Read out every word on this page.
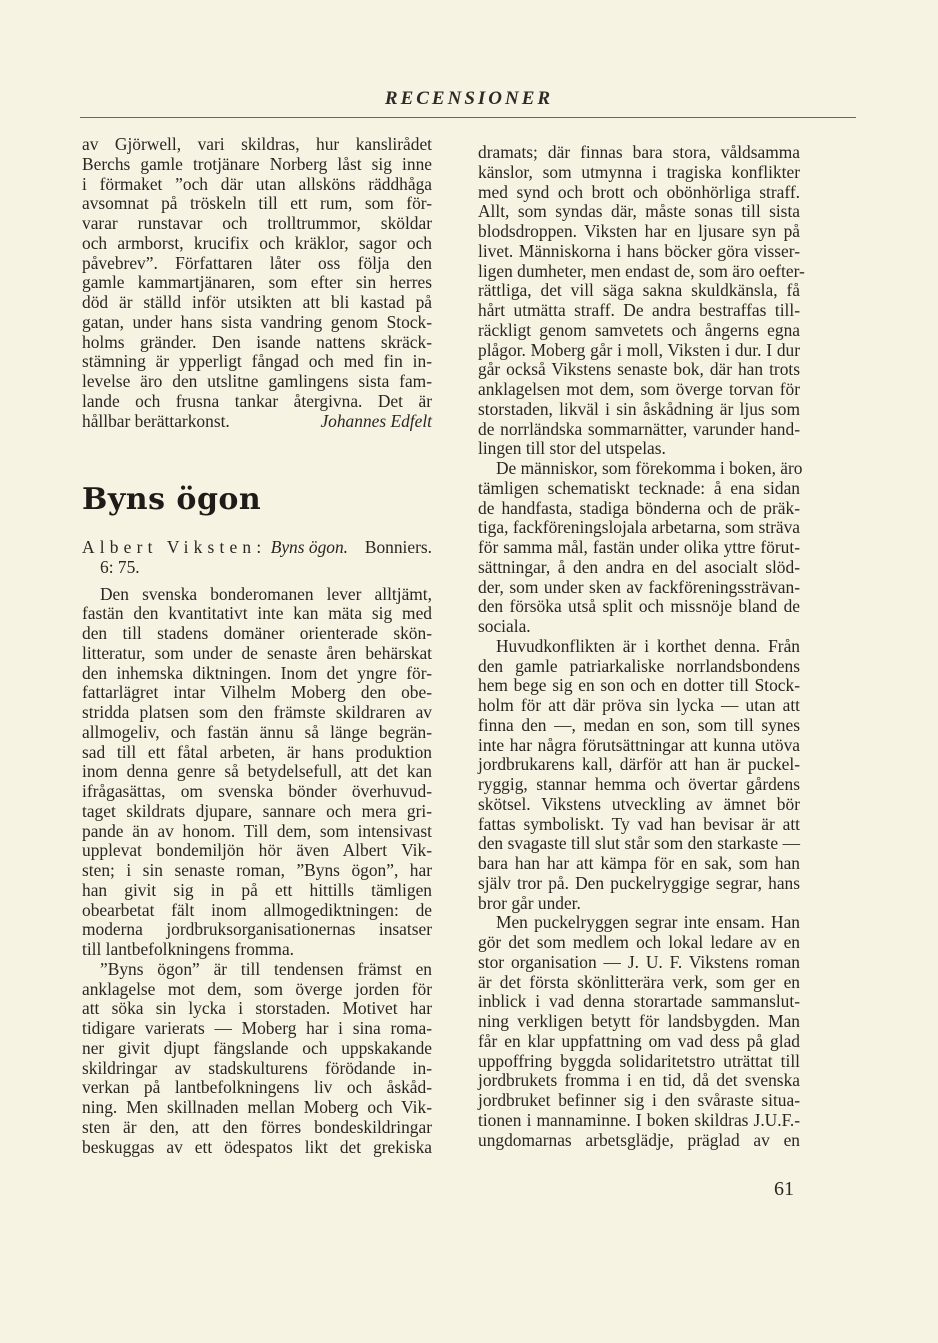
RECENSIONER
av Gjörwell, vari skildras, hur kanslirådet
Berchs gamle trotjänare Norberg låst sig inne
i förmaket ”och där utan allsköns räddhåga
avsomnat på tröskeln till ett rum, som för-
varar runstavar och trolltrummor, sköldar
och armborst, krucifix och kräklor, sagor och
påvebrev”. Författaren låter oss följa den
gamle kammartjänaren, som efter sin herres
död är ställd inför utsikten att bli kastad på
gatan, under hans sista vandring genom Stock-
holms gränder. Den isande nattens skräck-
stämning är ypperligt fångad och med fin in-
levelse äro den utslitne gamlingens sista fam-
lande och frusna tankar återgivna. Det är
hållbar berättarkonst.	Johannes Edfelt
Byns ögon
Albert Viksten: Byns ögon. Bonniers.
6: 75.
Den svenska bonderomanen lever alltjämt,
fastän den kvantitativt inte kan mäta sig med
den till stadens domäner orienterade skön-
litteratur, som under de senaste åren behärskat
den inhemska diktningen. Inom det yngre för-
fattarlägret intar Vilhelm Moberg den obe-
stridda platsen som den främste skildraren av
allmogeliv, och fastän ännu så länge begrän-
sad till ett fåtal arbeten, är hans produktion
inom denna genre så betydelsefull, att det kan
ifrågasättas, om svenska bönder överhuvud-
taget skildrats djupare, sannare och mera gri-
pande än av honom. Till dem, som intensivast
upplevat bondemiljön hör även Albert Vik-
sten; i sin senaste roman, ”Byns ögon”, har
han givit sig in på ett hittills tämligen
obearbetat fält inom allmogediktningen: de
moderna jordbruksorganisationernas insatser
till lantbefolkningens fromma.
”Byns ögon” är till tendensen främst en
anklagelse mot dem, som överge jorden för
att söka sin lycka i storstaden. Motivet har
tidigare varierats — Moberg har i sina roma-
ner givit djupt fängslande och uppskakande
skildringar av stadskulturens förödande in-
verkan på lantbefolkningens liv och åskåd-
ning. Men skillnaden mellan Moberg och Vik-
sten är den, att den förres bondeskildringar
beskuggas av ett ödespatos likt det grekiska
dramats; där finnas bara stora, våldsamma
känslor, som utmynna i tragiska konflikter
med synd och brott och obönhörliga straff.
Allt, som syndas där, måste sonas till sista
blodsdroppen. Viksten har en ljusare syn på
livet. Människorna i hans böcker göra visser-
ligen dumheter, men endast de, som äro oefter-
rättliga, det vill säga sakna skuldkänsla, få
hårt utmätta straff. De andra bestraffas till-
räckligt genom samvetets och ångerns egna
plågor. Moberg går i moll, Viksten i dur. I dur
går också Vikstens senaste bok, där han trots
anklagelsen mot dem, som överge torvan för
storstaden, likväl i sin åskådning är ljus som
de norrländska sommarnätter, varunder hand-
lingen till stor del utspelas.
De människor, som förekomma i boken, äro
tämligen schematiskt tecknade: å ena sidan
de handfasta, stadiga bönderna och de präk-
tiga, fackföreningslojala arbetarna, som sträva
för samma mål, fastän under olika yttre förut-
sättningar, å den andra en del asocialt slöd-
der, som under sken av fackföreningssträvan-
den försöka utså split och missnöje bland de
sociala.
Huvudkonflikten är i korthet denna. Från
den gamle patriarkaliske norrlandsbondens
hem bege sig en son och en dotter till Stock-
holm för att där pröva sin lycka — utan att
finna den —, medan en son, som till synes
inte har några förutsättningar att kunna utöva
jordbrukarens kall, därför att han är puckel-
ryggig, stannar hemma och övertar gårdens
skötsel. Vikstens utveckling av ämnet bör
fattas symboliskt. Ty vad han bevisar är att
den svagaste till slut står som den starkaste —
bara han har att kämpa för en sak, som han
själv tror på. Den puckelryggige segrar, hans
bror går under.
Men puckelryggen segrar inte ensam. Han
gör det som medlem och lokal ledare av en
stor organisation — J. U. F. Vikstens roman
är det första skönlitterära verk, som ger en
inblick i vad denna storartade sammanslut-
ning verkligen betytt för landsbygden. Man
får en klar uppfattning om vad dess på glad
uppoffring byggda solidaritetstro uträttat till
jordbrukets fromma i en tid, då det svenska
jordbruket befinner sig i den svåraste situa-
tionen i mannaminne. I boken skildras J.U.F.-
ungdomarnas arbetsglädje, präglad av en
61
